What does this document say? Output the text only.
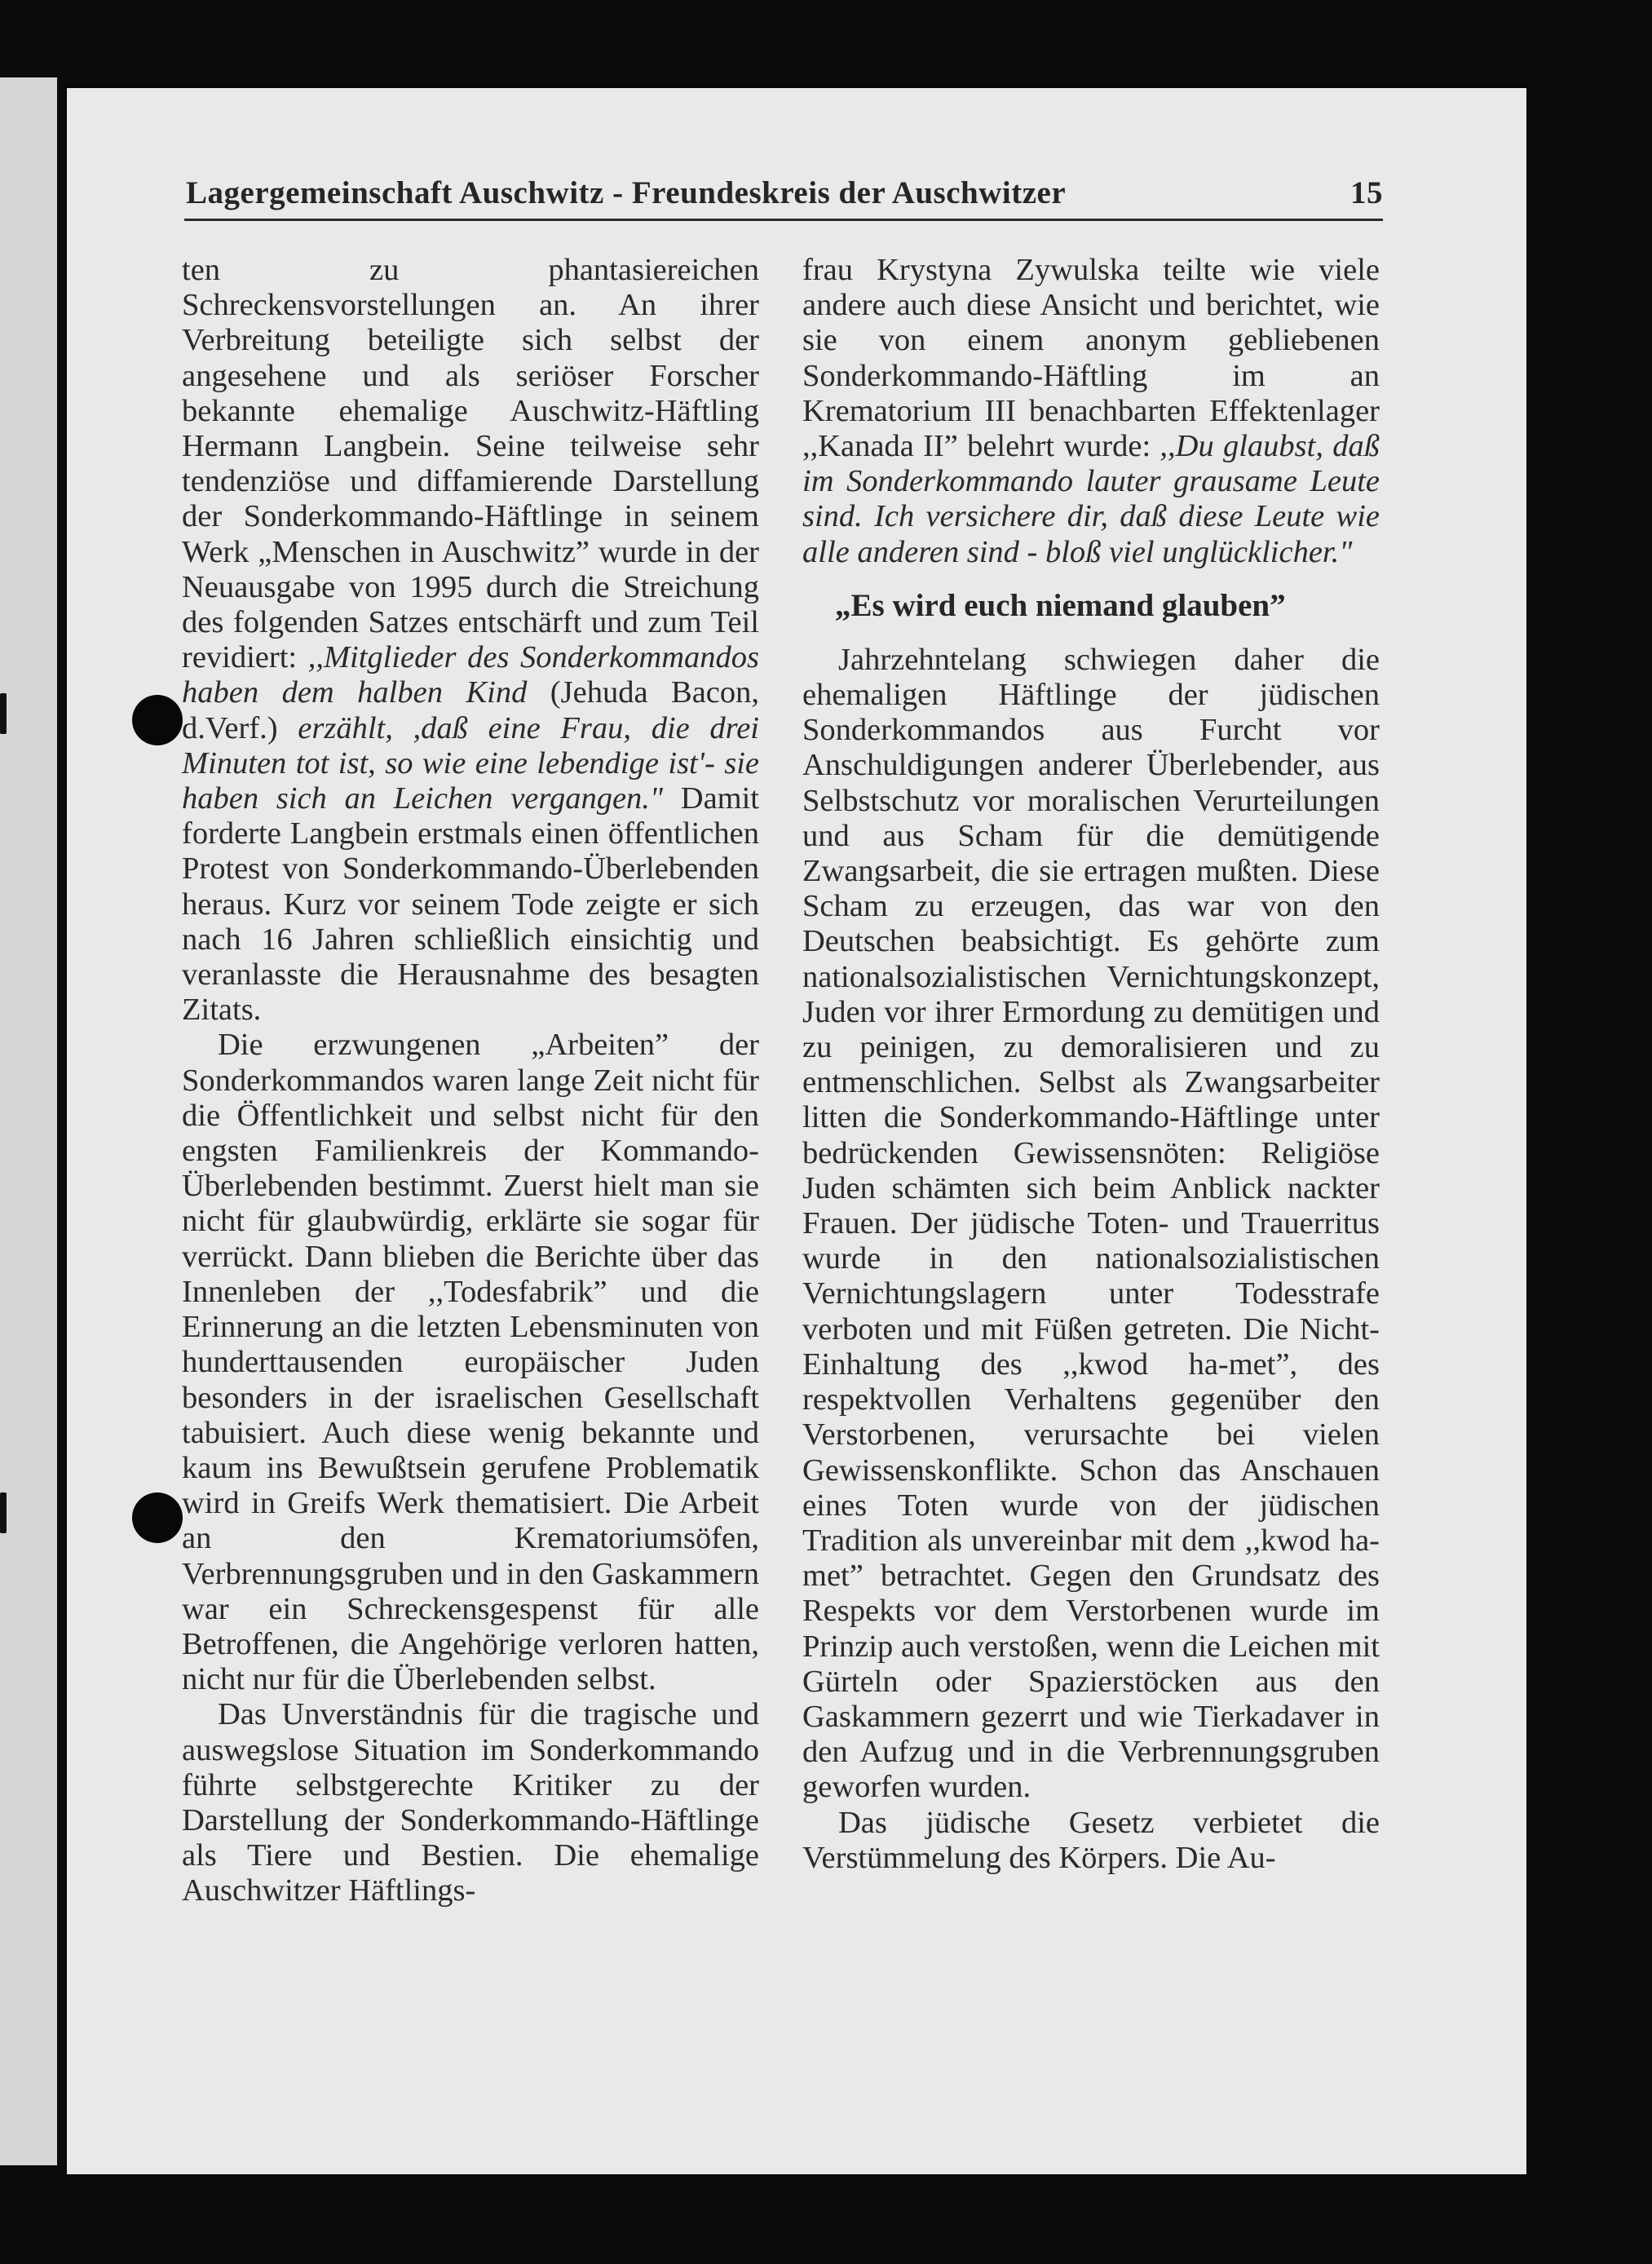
Lagergemeinschaft Auschwitz - Freundeskreis der Auschwitzer	15

ten zu phantasiereichen Schreckensvorstellungen an. An ihrer Verbreitung beteiligte sich selbst der angesehene und als seriöser Forscher bekannte ehemalige Auschwitz-Häftling Hermann Langbein. Seine teilweise sehr tendenziöse und diffamierende Darstellung der Sonderkommando-Häftlinge in seinem Werk „Menschen in Auschwitz” wurde in der Neuausgabe von 1995 durch die Streichung des folgenden Satzes entschärft und zum Teil revidiert: ,,Mitglieder des Sonderkommandos haben dem halben Kind (Jehuda Bacon, d.Verf.) erzählt, ,daß eine Frau, die drei Minuten tot ist, so wie eine lebendige ist'- sie haben sich an Leichen vergangen." Damit forderte Langbein erstmals einen öffentlichen Protest von Sonderkommando-Überlebenden heraus. Kurz vor seinem Tode zeigte er sich nach 16 Jahren schließlich einsichtig und veranlasste die Herausnahme des besagten Zitats.

Die erzwungenen „Arbeiten” der Sonderkommandos waren lange Zeit nicht für die Öffentlichkeit und selbst nicht für den engsten Familienkreis der Kommando-Überlebenden bestimmt. Zuerst hielt man sie nicht für glaubwürdig, erklärte sie sogar für verrückt. Dann blieben die Berichte über das Innenleben der ,,Todesfabrik” und die Erinnerung an die letzten Lebensminuten von hunderttausenden europäischer Juden besonders in der israelischen Gesellschaft tabuisiert. Auch diese wenig bekannte und kaum ins Bewußtsein gerufene Problematik wird in Greifs Werk thematisiert. Die Arbeit an den Krematoriumsöfen, Verbrennungsgruben und in den Gaskammern war ein Schreckensgespenst für alle Betroffenen, die Angehörige verloren hatten, nicht nur für die Überlebenden selbst.

Das Unverständnis für die tragische und auswegslose Situation im Sonderkommando führte selbstgerechte Kritiker zu der Darstellung der Sonderkommando-Häftlinge als Tiere und Bestien. Die ehemalige Auschwitzer Häftlings-

frau Krystyna Zywulska teilte wie viele andere auch diese Ansicht und berichtet, wie sie von einem anonym gebliebenen Sonderkommando-Häftling im an Krematorium III benachbarten Effektenlager ,,Kanada II” belehrt wurde: ,,Du glaubst, daß im Sonderkommando lauter grausame Leute sind. Ich versichere dir, daß diese Leute wie alle anderen sind - bloß viel unglücklicher."

„Es wird euch niemand glauben”

Jahrzehntelang schwiegen daher die ehemaligen Häftlinge der jüdischen Sonderkommandos aus Furcht vor Anschuldigungen anderer Überlebender, aus Selbstschutz vor moralischen Verurteilungen und aus Scham für die demütigende Zwangsarbeit, die sie ertragen mußten. Diese Scham zu erzeugen, das war von den Deutschen beabsichtigt. Es gehörte zum nationalsozialistischen Vernichtungskonzept, Juden vor ihrer Ermordung zu demütigen und zu peinigen, zu demoralisieren und zu entmenschlichen. Selbst als Zwangsarbeiter litten die Sonderkommando-Häftlinge unter bedrückenden Gewissensnöten: Religiöse Juden schämten sich beim Anblick nackter Frauen. Der jüdische Toten- und Trauerritus wurde in den nationalsozialistischen Vernichtungslagern unter Todesstrafe verboten und mit Füßen getreten. Die Nicht-Einhaltung des ,,kwod ha-met”, des respektvollen Verhaltens gegenüber den Verstorbenen, verursachte bei vielen Gewissenskonflikte. Schon das Anschauen eines Toten wurde von der jüdischen Tradition als unvereinbar mit dem ,,kwod ha-met” betrachtet. Gegen den Grundsatz des Respekts vor dem Verstorbenen wurde im Prinzip auch verstoßen, wenn die Leichen mit Gürteln oder Spazierstöcken aus den Gaskammern gezerrt und wie Tierkadaver in den Aufzug und in die Verbrennungsgruben geworfen wurden.

Das jüdische Gesetz verbietet die Verstümmelung des Körpers. Die Au-
